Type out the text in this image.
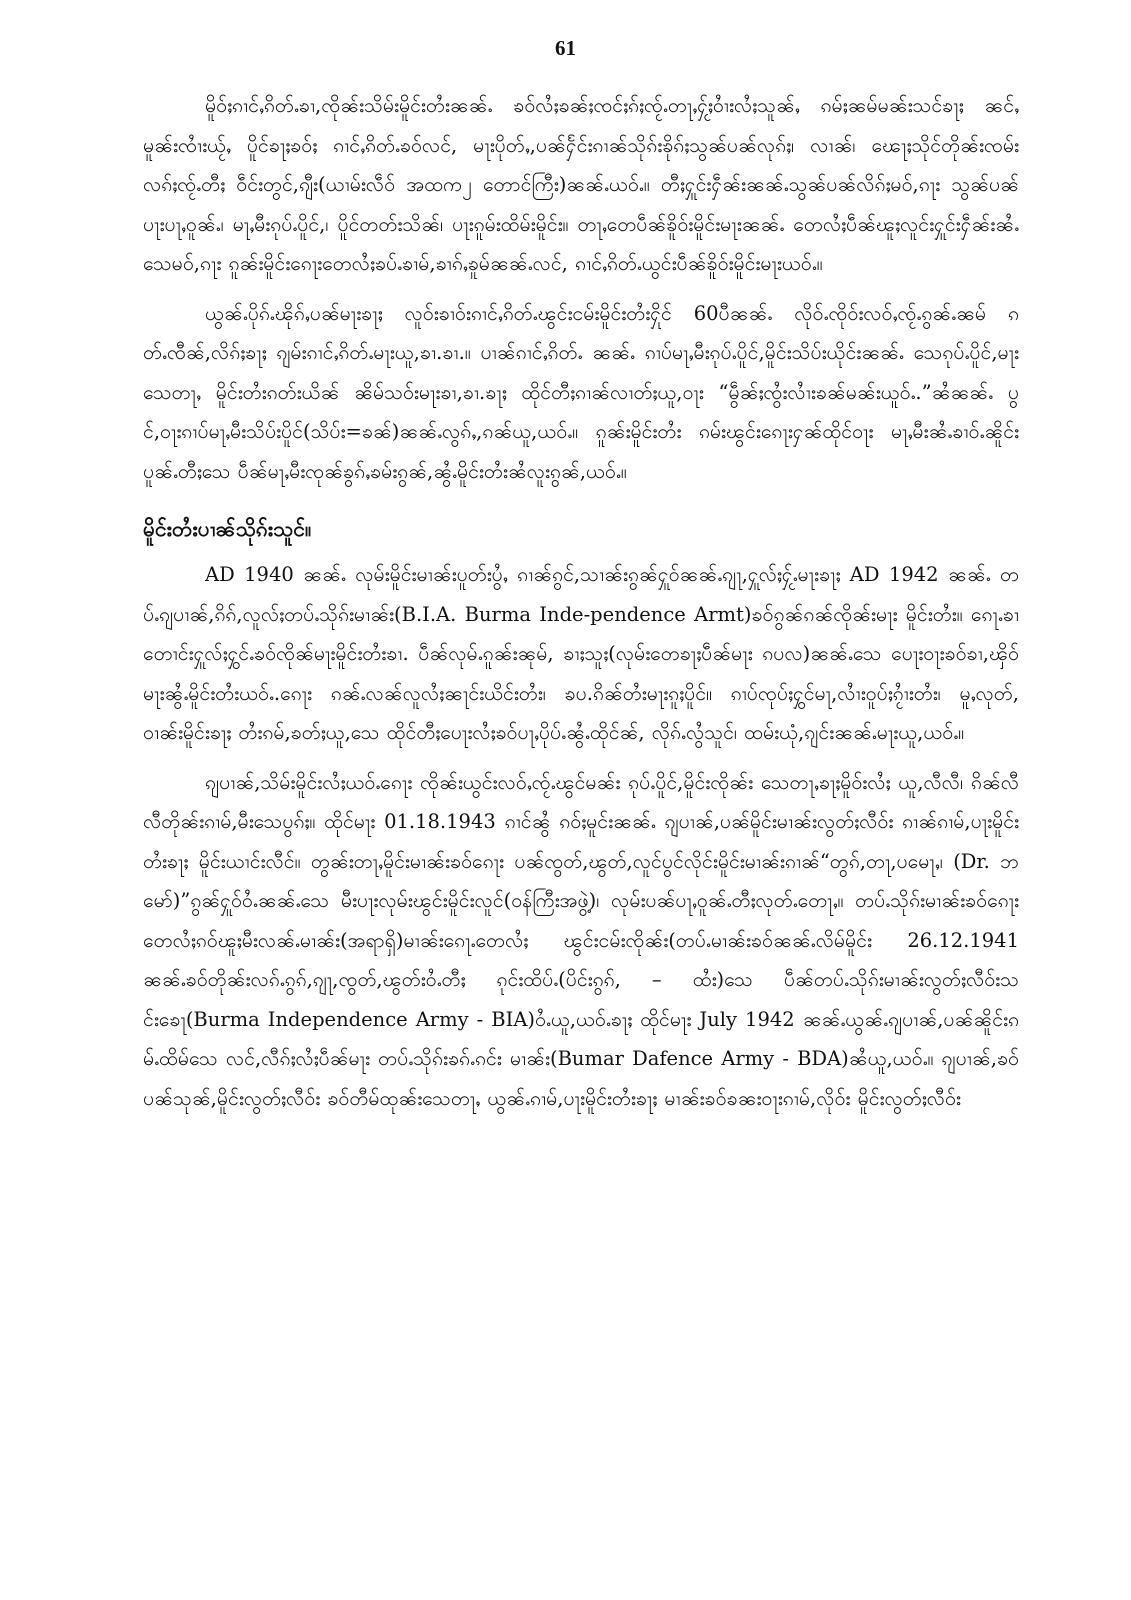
61

မိူဝ်ႈၵၢင်ႇၵိတ်ႉၶၢ,ၸိုၼ်းသိမ်းမိူင်းတႆးၼၼ်ႉ ၶဝ်လႆႈၶၼ်ႈၸင်ႈၵ်ႈၸႂ်ႉတႃႇႁႂ်ႈဝၢႆးလႆႈသူၼ်ႇ ၵမ်ႈၼမ်မၼ်းသင်ၶႃႈ ၼင်ႇမူၼ်းၸၢႆးယႂ်ႇ ပိူင်ၶႃႈၶဝ်ႈ ၵၢင်ႇၵိတ်ႉၶဝ်လင်, မႃးပိုတ်ႇ,ပၼ်ႁႅင်းၵၢၼ်သိုၵ်းၶိုၵ်ႈသွၼ်ပၼ်လုၵ်ႈ၊ လၢၼ်၊ ၽေႃႈသိုင်တိုၼ်းၸမ်း လၵ်ႈၸႂ်ႉတီႈ ဝဵင်းတွင်,ၵျီး(ယၢမ်းလဵဝ် အထက၂ တောင်ကြီး)ၼၼ်ႉယဝ်ႉ။ တီႈႁူင်းႁဵၼ်းၼၼ်ႉသွၼ်ပၼ်လိၵ်ႈမဝ်,ၵႃး သွၼ်ပၼ်ပႃးပႃႇဝူၼ်ႉ၊ မႃႇမီးၵုပ်ႉပိူင်,၊ ပိူင်တတ်းသိၼ်၊ ပႃးၵူမ်းထိမ်းမိူင်း။ တႃႇတေပဵၼ်ၶိူဝ်းမိူင်းမႃးၼၼ်ႉ တေလႆႈပဵၼ်ၽူႈလူင်းႁူင်းႁဵၼ်းၼႆႉသေမဝ်,ၵႃး ၵူၼ်းမိူင်းၵေႃးတေလႆႈၶပ်ႉၶၢမ်,ၶၢၵ်ႇၶူမ်ၼၼ်ႉလင်, ၵၢင်ႇၵိတ်ႉယွင်းပဵၼ်ၶိူဝ်းမိူင်းမႃးယဝ်ႉ။

ယွၼ်ႉပိုၵ်ႉၽိုၵ်ႇပၼ်မႃးၶႃႈ လူဝ်းၶၢဝ်းၵၢင်ႇၵိတ်ႉၽွင်းငမ်းမိူင်းတႆးႁိုင် 60ပီၼၼ်ႉ လိုဝ်ႉၸိုဝ်းလဝ်ႇၸႂ်ႉၵွၼ်ႉၼမ် ၵတ်ႉၸီၼ်,လိၵ်ႈၶႃႈ ၵျမ်းၵၢင်ႇၵိတ်ႉမႃးယူ,ၶၢ.ၶၢ.။ ပၢၼ်ၵၢင်ႇၵိတ်ႉ ၼၼ်ႉ ၵၢပ်မႃႇမီးၵုပ်ႉပိူင်,မိူင်းသိပ်းယိုင်းၼၼ်ႉ သေၵုပ်ႉပိူင်,မႃးသေတႃႇ မိူင်းတႆးၵတ်းယိၼ် ၼိမ်သဝ်းမႃးၶၢ,ၶၢ.ၶႃႈ ထိုင်တီႈၵၢၼ်လၢတ်ႈယူ,ဝႃး “မွဵၼ်ႈၸွႆးလၢႆးၶၼ်မၼ်းယူဝ်ႉ.”ၼႆၼၼ်ႉ ပွင်,ဝႃးၵၢပ်မႃႇမီးသိပ်းပိူင်(သိပ်း=ၶၼ်)ၼၼ်ႉလွၵ်ႇ,ၵၼ်ယူ,ယဝ်ႉ။ ၵူၼ်းမိူင်းတႆး ၵမ်းၽွင်းၵေႃးႁၼ်ထိုင်ဝႃး မႃႇမီးၼႆႉၶၢဝ်ႉၼိူင်းပူၼ်ႉတီႈသေ ပဵၼ်မႃႇမီးၸုၼ်ၶွၵ်ႇၶမ်းၵွၼ်,ၼွႆႉမိူင်းတႆးၼႆလူးၵွၼ်,ယဝ်ႉ။

မိူင်းတႆးပၢၼ်သိုၵ်းသူင်။

AD 1940 ၼၼ်ႉ လုမ်းမိူင်းမၢၼ်းပူတ်းပွႆႇ ၵၢၼ်ၵွင်,သၢၼ်းၵွၼ်ႁူဝ်ၼၼ်ႉၵျႃ,ႁူလ်ႈႁႂ်ႉမႃးၶႃႈ AD 1942 ၼၼ်ႉ တပ်ႉၵျပၢၼ်,ၵိၵ်,လူလ်ႈတပ်ႉသိုၵ်းမၢၼ်း(B.I.A. Burma Inde-pendence Armt)ၶဝ်ၵွၼ်ၵၼ်ၸိုၼ်းမႃး မိူင်းတႆး။ ၵေႃႉၶၢတေၢင်းႁူလ်ႈႁွင်ႉၶဝ်ၸိုၼ်မႃးမိူင်းတႆးၶၢ. ပဵၼ်လုမ်ႉၵူၼ်းၼုမ်, ၶၢႈသူႈ(လုမ်းတေၶႃႈပဵၼ်မႃး ၵပလ)ၼၼ်ႉသေ ပေႃးဝႃးၶဝ်ၶၢ,ၾိဝ်မႃးၼွႆႉမိူင်းတႆးယဝ်ႉ.ၵေႃး ၵၼ်ႉလၼ်လူလႆႈၼႃင်းယိင်းတႆး၊ ၶပ.ၵိၼ်တႆးမႃးၵူႈပိူင်။ ၵၢပ်ၸုပ်ႈႁွင်မႃ,လၢႆးဝူပ်ႈၵႂၢႆးတႆး၊ မူႇလုတ်, ဝၢၼ်းမိူင်းၶႃႈ တႆးၵမ်,ၶတ်ႈယူ,သေ ထိုင်တီႈပေႃးလႆႈၶဝ်ပႃႇပိုပ်ႉၼွႆႉထိုင်ၼ်, လိုၵ်ႉလွႆသူင်၊ ထမ်းယုံ,ၵျင်းၼၼ်ႉမႃးယူ,ယဝ်ႉ။

ၵျပၢၼ်,သိမ်းမိူင်းလႆႈယဝ်ႉၵေႃး ၸိုၼ်းယွင်းလဝ်ႇၸႂ်ႉၽွင်မၼ်း ၵုပ်ႉပိူင်,မိူင်းၸိုၼ်း သေတႃႇၶႃႈမိူဝ်းလႆႈ ယူ,လီလီ၊ ၵိၼ်လီလီတိုၼ်းၵၢမ်,မီးသေပွၵ်ႈ။ ထိုင်မႃး 01.18.1943 ၵၢင်ၼွႆ ၵဝ်ႈမူင်းၼၼ်ႉ ၵျပၢၼ်,ပၼ်မိူင်းမၢၼ်းလွတ်ႈလီဝ်း ၵၢၼ်ၵၢမ်,ပႃးမိူင်းတႆးၶႃႈ မိူင်းယၢင်းလီင်။ တွၼ်းတႃႇမိူင်းမၢၼ်းၶဝ်ၵေႃး ပၼ်ၸွတ်,ၽွတ်,လူင်ပွင်လိုင်းမိူင်းမၢၼ်းၵၢၼ်“တွၵ်,တႃ,ပမေႃႇ၊ (Dr. ဘမော်)”ၵွၼ်ႁူဝ်ဝႆႉၼၼ်ႉသေ မီးပႃးလုမ်းၽွင်းမိူင်းလူင်(ဝန်ကြီးအဖွဲ့)၊ လုမ်းပၼ်ပႃႇဝူၼ်ႉတီႈလုတ်ႉတေႃႇ။ တပ်ႉသိုၵ်းမၢၼ်းၶဝ်ၵေႃး တေလႆႈၵဝ်ၽူႈမီးလၼ်ႉမၢၼ်း(အရာရှိ)မၢၼ်းၵေႃႉတေလႆႈ ၽွင်းငမ်းၸိုၼ်း(တပ်ႉမၢၼ်းၶဝ်ၼၼ်ႉလိမ်မိူင်း 26.12.1941 ၼၼ်ႉၶဝ်တိုၼ်းလၵ်ႉၵွၵ်,ၵျႃ,ၸွတ်,ၽွတ်းဝႆႉတီႈ ၵုင်းထိပ်ႉ(ပိင်းၵွၵ်, – ထႆး)သေ ပဵၼ်တပ်ႉသိုၵ်းမၢၼ်းလွတ်ႈလီဝ်းသင်းၶေႃ(Burma Independence Army - BIA)ဝႆႉယူ,ယဝ်ႉၶႃႈ ထိုင်မႃး July 1942 ၼၼ်ႉယွၼ်ႉၵျပၢၼ်,ပၼ်ၼိူင်းၵမ်ႉထိမ်သေ လင်,လီၵ်ႈလႆႈပဵၼ်မႃး တပ်ႉသိုၵ်းၶၵ်ႉၵင်း မၢၼ်း(Bumar Dafence Army - BDA)ၼႆယူ,ယဝ်ႉ။ ၵျပၢၼ်,ၶဝ်ပၼ်သုၼ်,မိူင်းလွတ်ႈလီဝ်း ၶဝ်တီမ်ထုၼ်းသေတႃႇ ယွၼ်ႉၵၢမ်,ပႃးမိူင်းတႆးၶႃႈ မၢၼ်းၶဝ်ၶၼးဝႃးၵၢမ်,လိုဝ်း မိူင်းလွတ်ႈလီဝ်း
